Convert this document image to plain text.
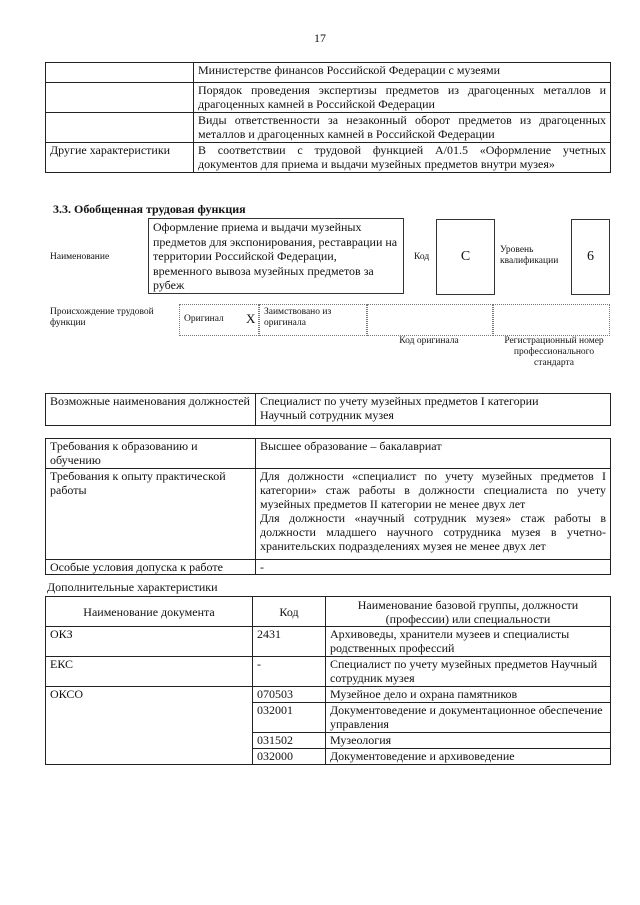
17
	Министерстве финансов Российской Федерации с музеями
	Порядок проведения экспертизы предметов из драгоценных металлов и драгоценных камней в Российской Федерации
	Виды ответственности за незаконный оборот предметов из драгоценных металлов и драгоценных камней в Российской Федерации
Другие характеристики	В соответствии с трудовой функцией А/01.5 «Оформление учетных документов для приема и выдачи музейных предметов внутри музея»
3.3. Обобщенная трудовая функция
Наименование
Оформление приема и выдачи музейных предметов для экспонирования, реставрации на территории Российской Федерации, временного вывоза музейных предметов за рубеж
Код	С	Уровень квалификации	6
Происхождение трудовой функции	Оригинал X Заимствовано из оригинала
Код оригинала	Регистрационный номер профессионального стандарта
Возможные наименования должностей	Специалист по учету музейных предметов I категории
Научный сотрудник музея
Требования к образованию и обучению	Высшее образование – бакалавриат
Требования к опыту практической работы	Для должности «специалист по учету музейных предметов I категории» стаж работы в должности специалиста по учету музейных предметов II категории не менее двух лет
Для должности «научный сотрудник музея» стаж работы в должности младшего научного сотрудника музея в учетно-хранительских подразделениях музея не менее двух лет

Особые условия допуска к работе	-
Дополнительные характеристики
Наименование документа	Код	Наименование базовой группы, должности (профессии) или специальности
ОКЗ	2431	Архивоведы, хранители музеев и специалисты родственных профессий
ЕКС	-	Специалист по учету музейных предметов Научный сотрудник музея
ОКСО	070503	Музейное дело и охрана памятников
	032001	Документоведение и документационное обеспечение управления
	031502	Музеология
	032000	Документоведение и архивоведение
